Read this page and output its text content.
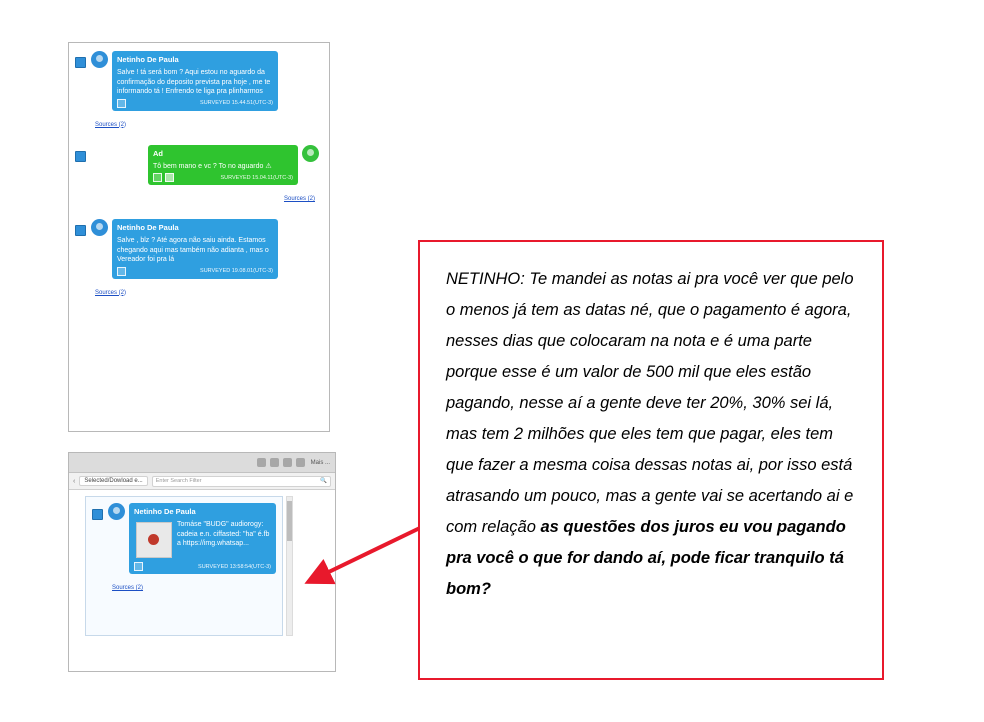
Netinho De Paula
Salve ! tá será bom ? Aqui estou no aguardo da confirmação do deposito prevista pra hoje , me te informando tá ! Enfrendo te liga pra plinharmos
SURVEYED 15.44.51(UTC-3)
Sources (2)
Ad
Tô bem mano e vc ? To no aguardo ⚠
SURVEYED 15.04.11(UTC-3)
Sources (2)
Netinho De Paula
Salve , blz ? Até agora não saiu ainda. Estamos chegando aqui mas também não adianta , mas o Vereador foi pra lá
SURVEYED 19.08.01(UTC-3)
Sources (2)
Mais ...
‹	Selected/Dowload e...	Enter Search Filter	🔍
Netinho De Paula
Tomáse "BUDG" audiorogy: cadeia e.n. ciffasted: "ha" é.fb a https://img.whatsap...
SURVEYED 13:58:54(UTC-3)
Sources (2)
NETINHO: Te mandei as notas ai pra você ver que pelo o menos já tem as datas né, que o pagamento é agora, nesses dias que colocaram na nota e é uma parte porque esse é um valor de 500 mil que eles estão pagando, nesse aí a gente deve ter 20%, 30% sei lá, mas tem 2 milhões que eles tem que pagar, eles tem que fazer a mesma coisa dessas notas ai, por isso está atrasando um pouco, mas a gente vai se acertando ai e com relação as questões dos juros eu vou pagando pra você o que for dando aí, pode ficar tranquilo tá bom?
